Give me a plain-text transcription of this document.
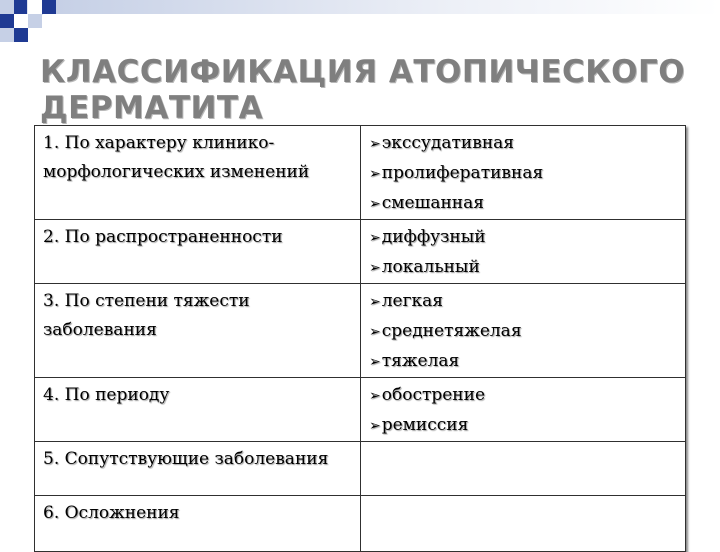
КЛАССИФИКАЦИЯ АТОПИЧЕСКОГО ДЕРМАТИТА
1. По характеру клинико-морфологических изменений	➢экссудативная
➢пролиферативная
➢смешанная

2. По распространенности	➢диффузный
➢локальный

3. По степени тяжести заболевания	➢легкая
➢среднетяжелая
➢тяжелая

4. По периоду	➢обострение
➢ремиссия

5. Сопутствующие заболевания	
6. Осложнения	
